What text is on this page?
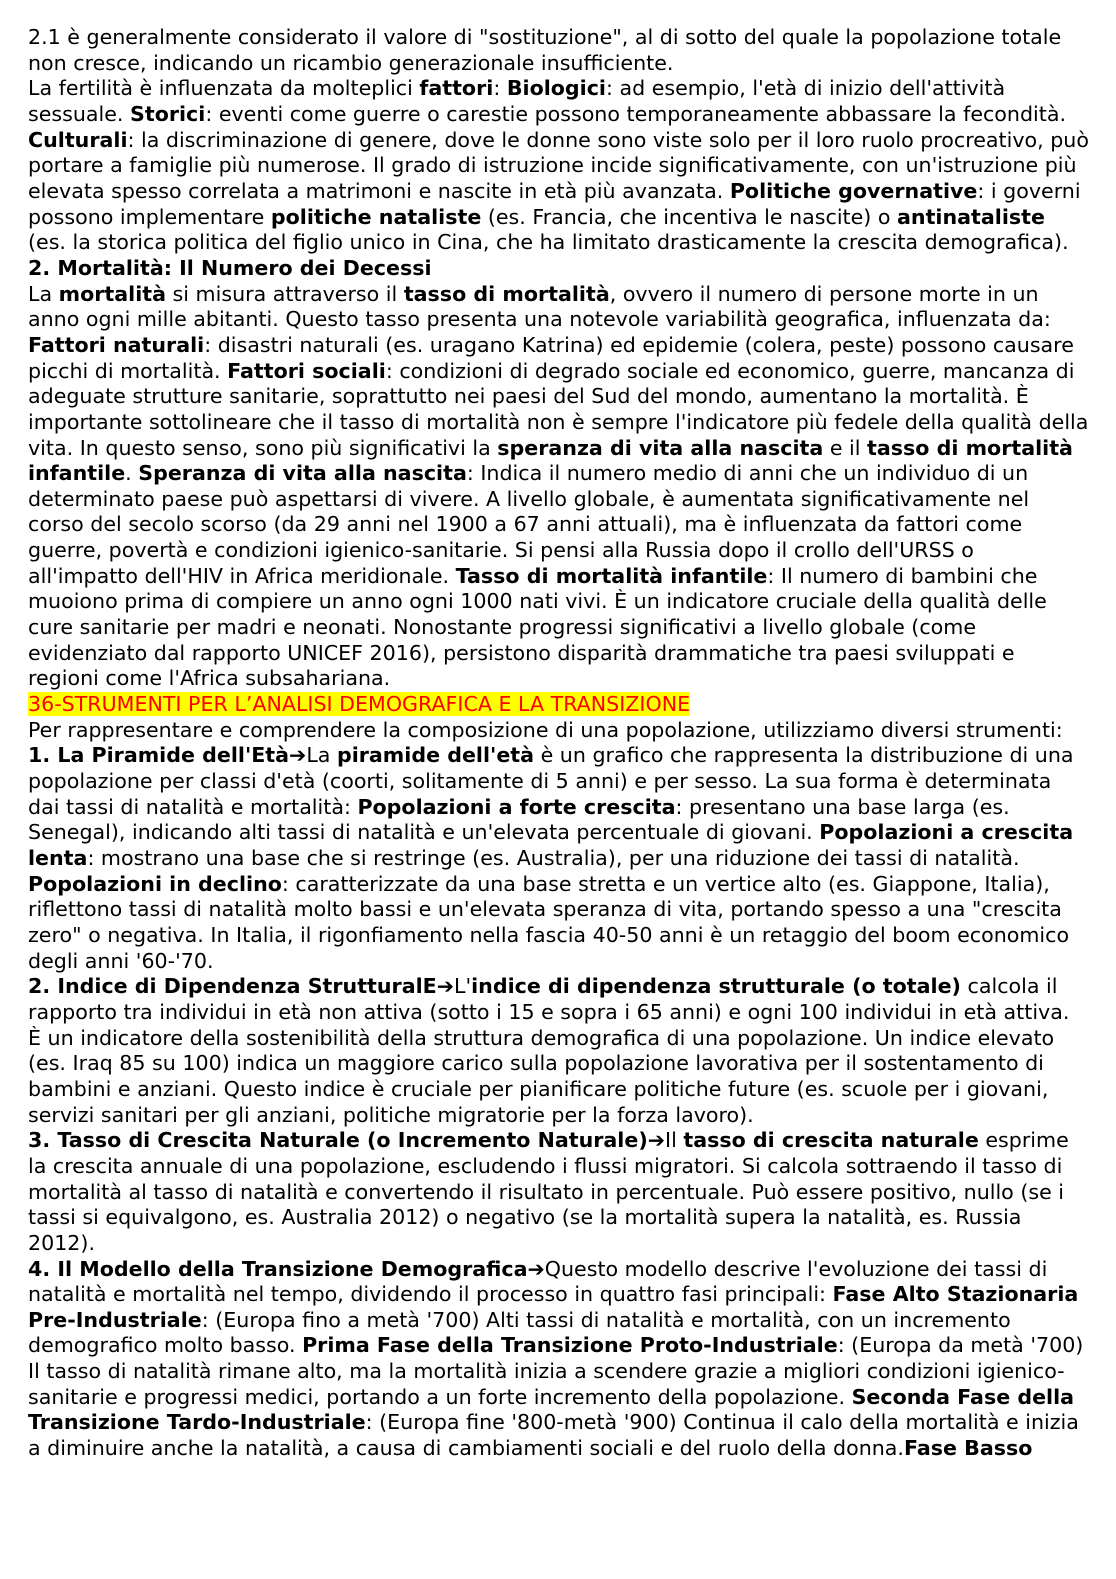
2.1 è generalmente considerato il valore di "sostituzione", al di sotto del quale la popolazione totale
non cresce, indicando un ricambio generazionale insufficiente.
La fertilità è influenzata da molteplici fattori: Biologici: ad esempio, l'età di inizio dell'attività
sessuale. Storici: eventi come guerre o carestie possono temporaneamente abbassare la fecondità.
Culturali: la discriminazione di genere, dove le donne sono viste solo per il loro ruolo procreativo, può
portare a famiglie più numerose. Il grado di istruzione incide significativamente, con un'istruzione più
elevata spesso correlata a matrimoni e nascite in età più avanzata. Politiche governative: i governi
possono implementare politiche nataliste (es. Francia, che incentiva le nascite) o antinataliste
(es. la storica politica del figlio unico in Cina, che ha limitato drasticamente la crescita demografica).
2. Mortalità: Il Numero dei Decessi
La mortalità si misura attraverso il tasso di mortalità, ovvero il numero di persone morte in un
anno ogni mille abitanti. Questo tasso presenta una notevole variabilità geografica, influenzata da:
Fattori naturali: disastri naturali (es. uragano Katrina) ed epidemie (colera, peste) possono causare
picchi di mortalità. Fattori sociali: condizioni di degrado sociale ed economico, guerre, mancanza di
adeguate strutture sanitarie, soprattutto nei paesi del Sud del mondo, aumentano la mortalità. È
importante sottolineare che il tasso di mortalità non è sempre l'indicatore più fedele della qualità della
vita. In questo senso, sono più significativi la speranza di vita alla nascita e il tasso di mortalità
infantile. Speranza di vita alla nascita: Indica il numero medio di anni che un individuo di un
determinato paese può aspettarsi di vivere. A livello globale, è aumentata significativamente nel
corso del secolo scorso (da 29 anni nel 1900 a 67 anni attuali), ma è influenzata da fattori come
guerre, povertà e condizioni igienico-sanitarie. Si pensi alla Russia dopo il crollo dell'URSS o
all'impatto dell'HIV in Africa meridionale. Tasso di mortalità infantile: Il numero di bambini che
muoiono prima di compiere un anno ogni 1000 nati vivi. È un indicatore cruciale della qualità delle
cure sanitarie per madri e neonati. Nonostante progressi significativi a livello globale (come
evidenziato dal rapporto UNICEF 2016), persistono disparità drammatiche tra paesi sviluppati e
regioni come l'Africa subsahariana.
36-STRUMENTI PER L’ANALISI DEMOGRAFICA E LA TRANSIZIONE
Per rappresentare e comprendere la composizione di una popolazione, utilizziamo diversi strumenti:
1. La Piramide dell'Età➔La piramide dell'età è un grafico che rappresenta la distribuzione di una
popolazione per classi d'età (coorti, solitamente di 5 anni) e per sesso. La sua forma è determinata
dai tassi di natalità e mortalità: Popolazioni a forte crescita: presentano una base larga (es.
Senegal), indicando alti tassi di natalità e un'elevata percentuale di giovani. Popolazioni a crescita
lenta: mostrano una base che si restringe (es. Australia), per una riduzione dei tassi di natalità.
Popolazioni in declino: caratterizzate da una base stretta e un vertice alto (es. Giappone, Italia),
riflettono tassi di natalità molto bassi e un'elevata speranza di vita, portando spesso a una "crescita
zero" o negativa. In Italia, il rigonfiamento nella fascia 40-50 anni è un retaggio del boom economico
degli anni '60-'70.
2. Indice di Dipendenza StrutturalE➔L'indice di dipendenza strutturale (o totale) calcola il
rapporto tra individui in età non attiva (sotto i 15 e sopra i 65 anni) e ogni 100 individui in età attiva.
È un indicatore della sostenibilità della struttura demografica di una popolazione. Un indice elevato
(es. Iraq 85 su 100) indica un maggiore carico sulla popolazione lavorativa per il sostentamento di
bambini e anziani. Questo indice è cruciale per pianificare politiche future (es. scuole per i giovani,
servizi sanitari per gli anziani, politiche migratorie per la forza lavoro).
3. Tasso di Crescita Naturale (o Incremento Naturale)➔Il tasso di crescita naturale esprime
la crescita annuale di una popolazione, escludendo i flussi migratori. Si calcola sottraendo il tasso di
mortalità al tasso di natalità e convertendo il risultato in percentuale. Può essere positivo, nullo (se i
tassi si equivalgono, es. Australia 2012) o negativo (se la mortalità supera la natalità, es. Russia
2012).
4. Il Modello della Transizione Demografica➔Questo modello descrive l'evoluzione dei tassi di
natalità e mortalità nel tempo, dividendo il processo in quattro fasi principali: Fase Alto Stazionaria
Pre-Industriale: (Europa fino a metà '700) Alti tassi di natalità e mortalità, con un incremento
demografico molto basso. Prima Fase della Transizione Proto-Industriale: (Europa da metà '700)
Il tasso di natalità rimane alto, ma la mortalità inizia a scendere grazie a migliori condizioni igienico-
sanitarie e progressi medici, portando a un forte incremento della popolazione. Seconda Fase della
Transizione Tardo-Industriale: (Europa fine '800-metà '900) Continua il calo della mortalità e inizia
a diminuire anche la natalità, a causa di cambiamenti sociali e del ruolo della donna.Fase Basso
